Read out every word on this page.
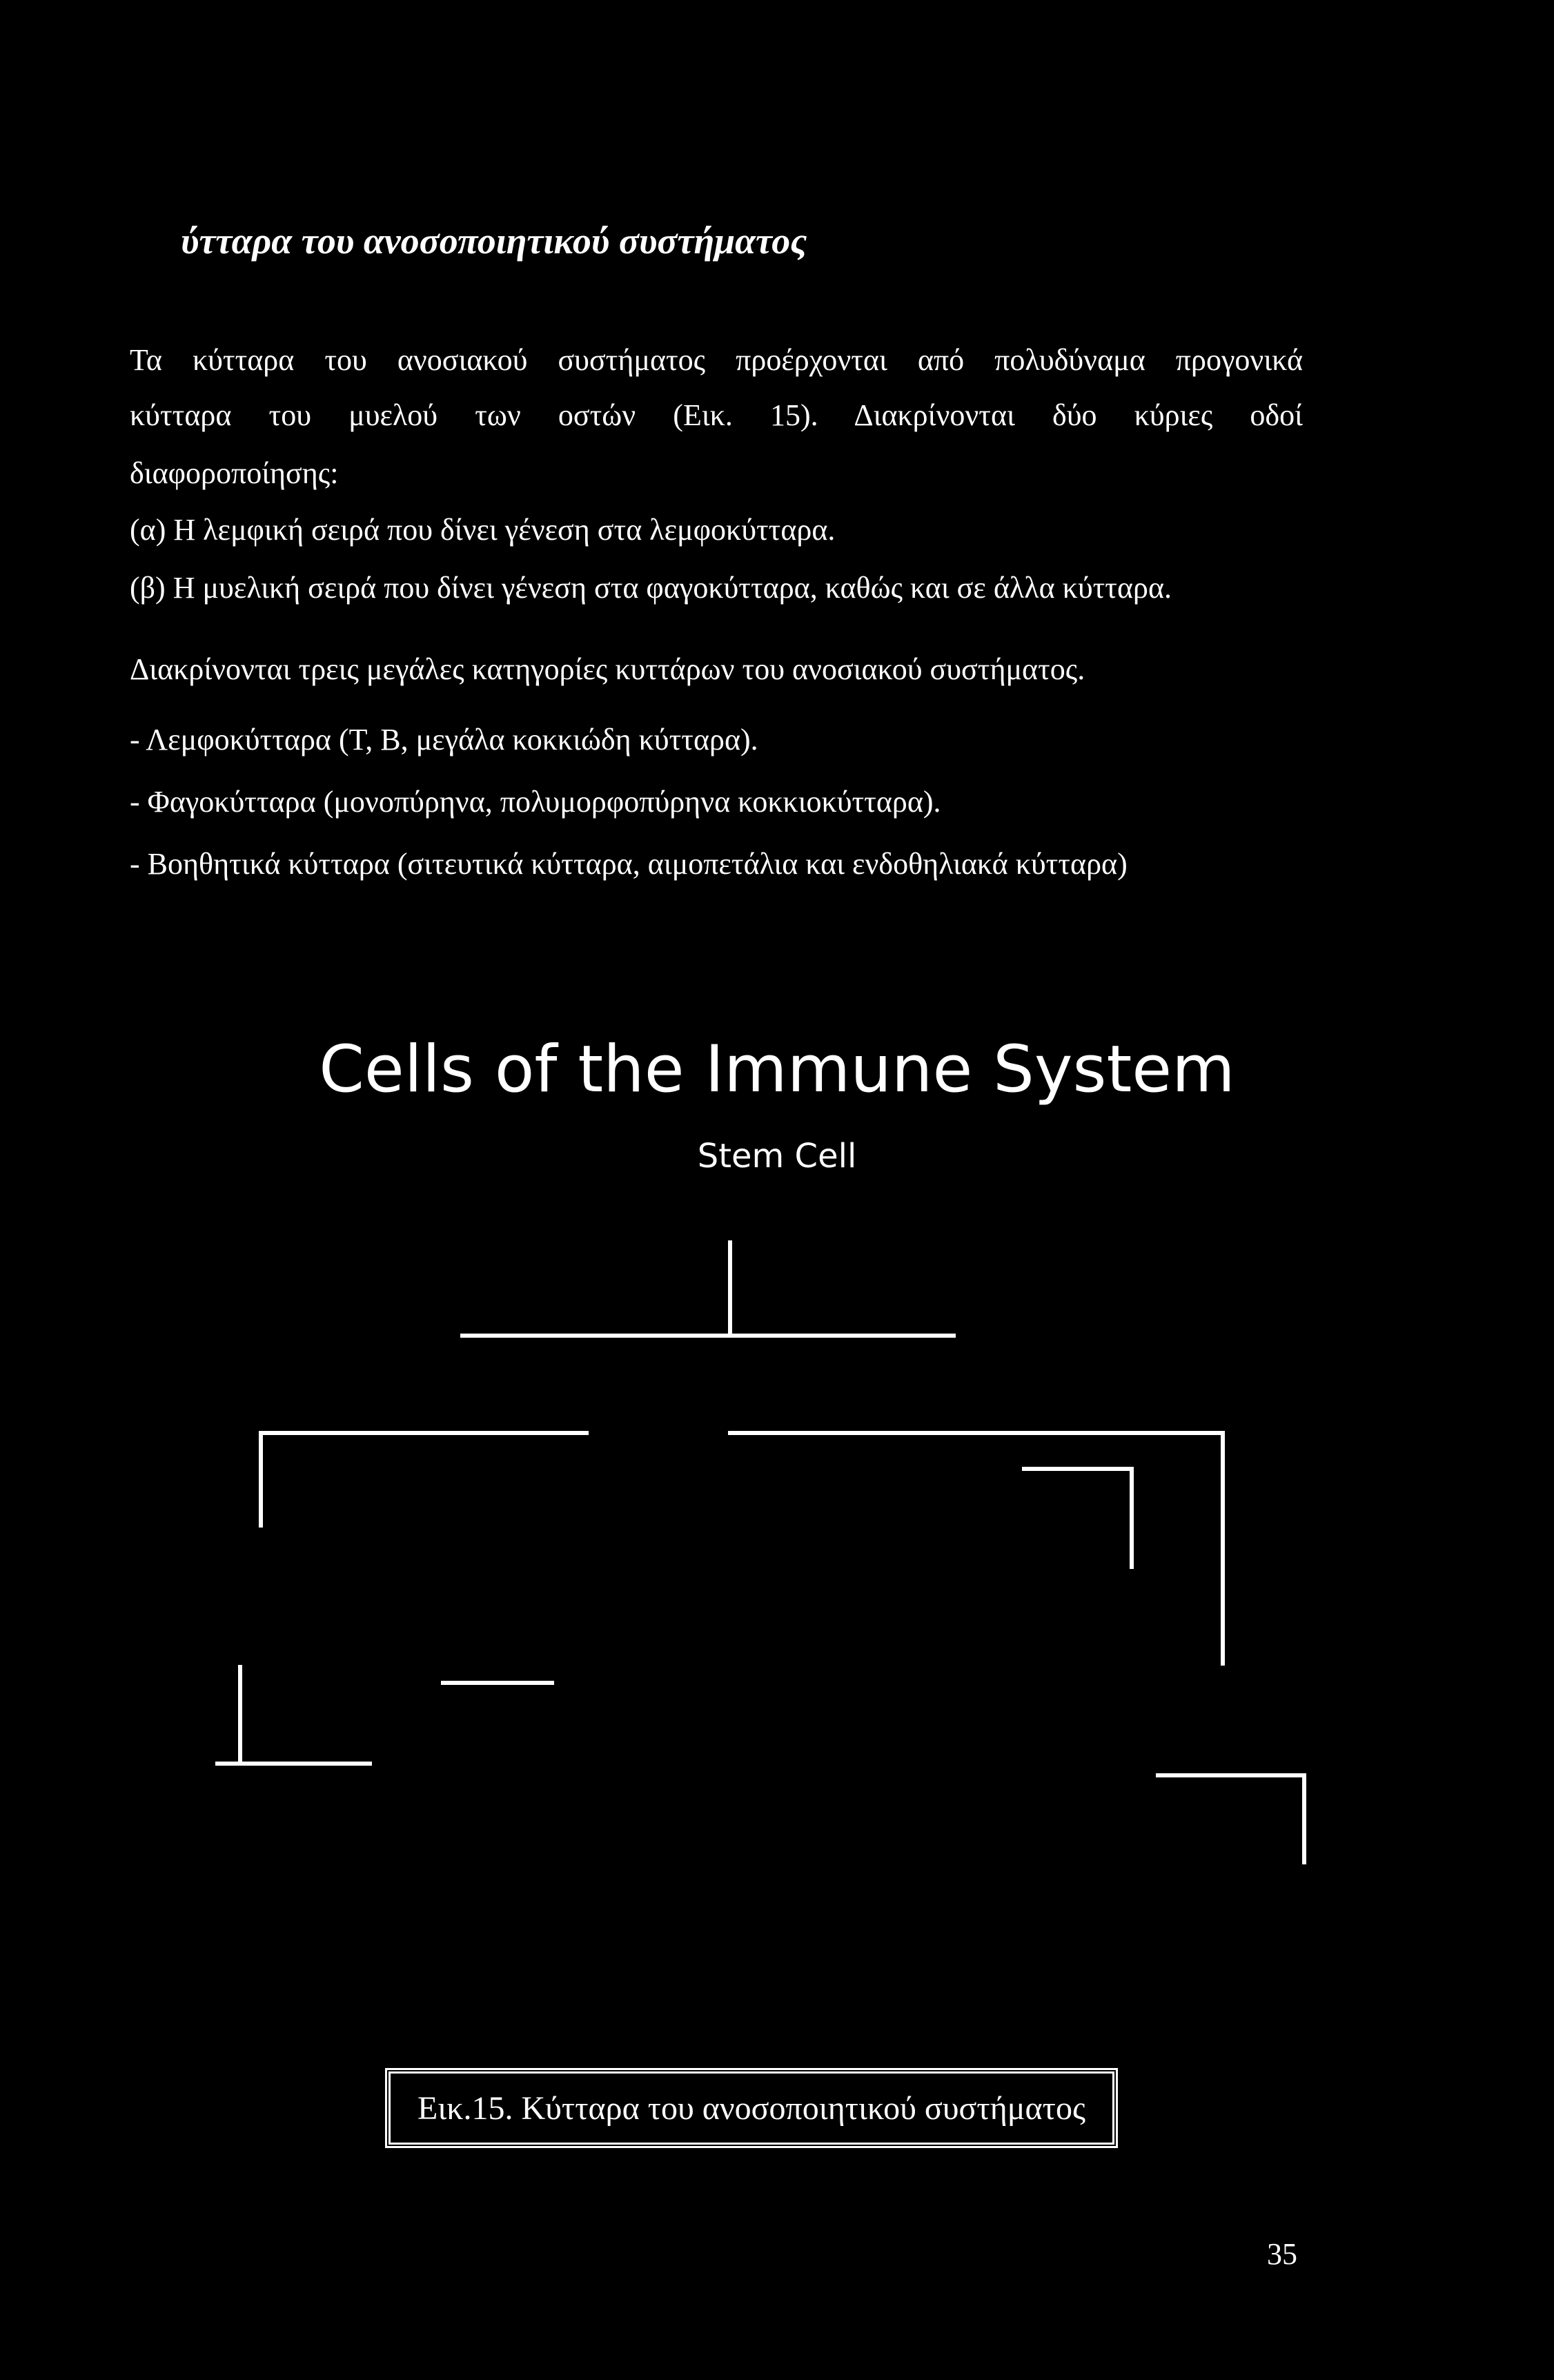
ύτταρα του ανοσοποιητικού συστήματος
Τα κύτταρα του ανοσιακού συστήματος προέρχονται από πολυδύναμα προγονικά
κύτταρα του μυελού των οστών (Εικ. 15). Διακρίνονται δύο κύριες οδοί
διαφοροποίησης:
(α) Η λεμφική σειρά που δίνει γένεση στα λεμφοκύτταρα.
(β) Η μυελική σειρά που δίνει γένεση στα φαγοκύτταρα, καθώς και σε άλλα κύτταρα.
Διακρίνονται τρεις μεγάλες κατηγορίες κυττάρων του ανοσιακού συστήματος.
- Λεμφοκύτταρα (Τ, Β, μεγάλα κοκκιώδη κύτταρα).
- Φαγοκύτταρα (μονοπύρηνα, πολυμορφοπύρηνα κοκκιοκύτταρα).
- Βοηθητικά κύτταρα (σιτευτικά κύτταρα, αιμοπετάλια και ενδοθηλιακά κύτταρα)
Cells of the Immune System
Stem Cell
Εικ.15. Κύτταρα του ανοσοποιητικού συστήματος
35
